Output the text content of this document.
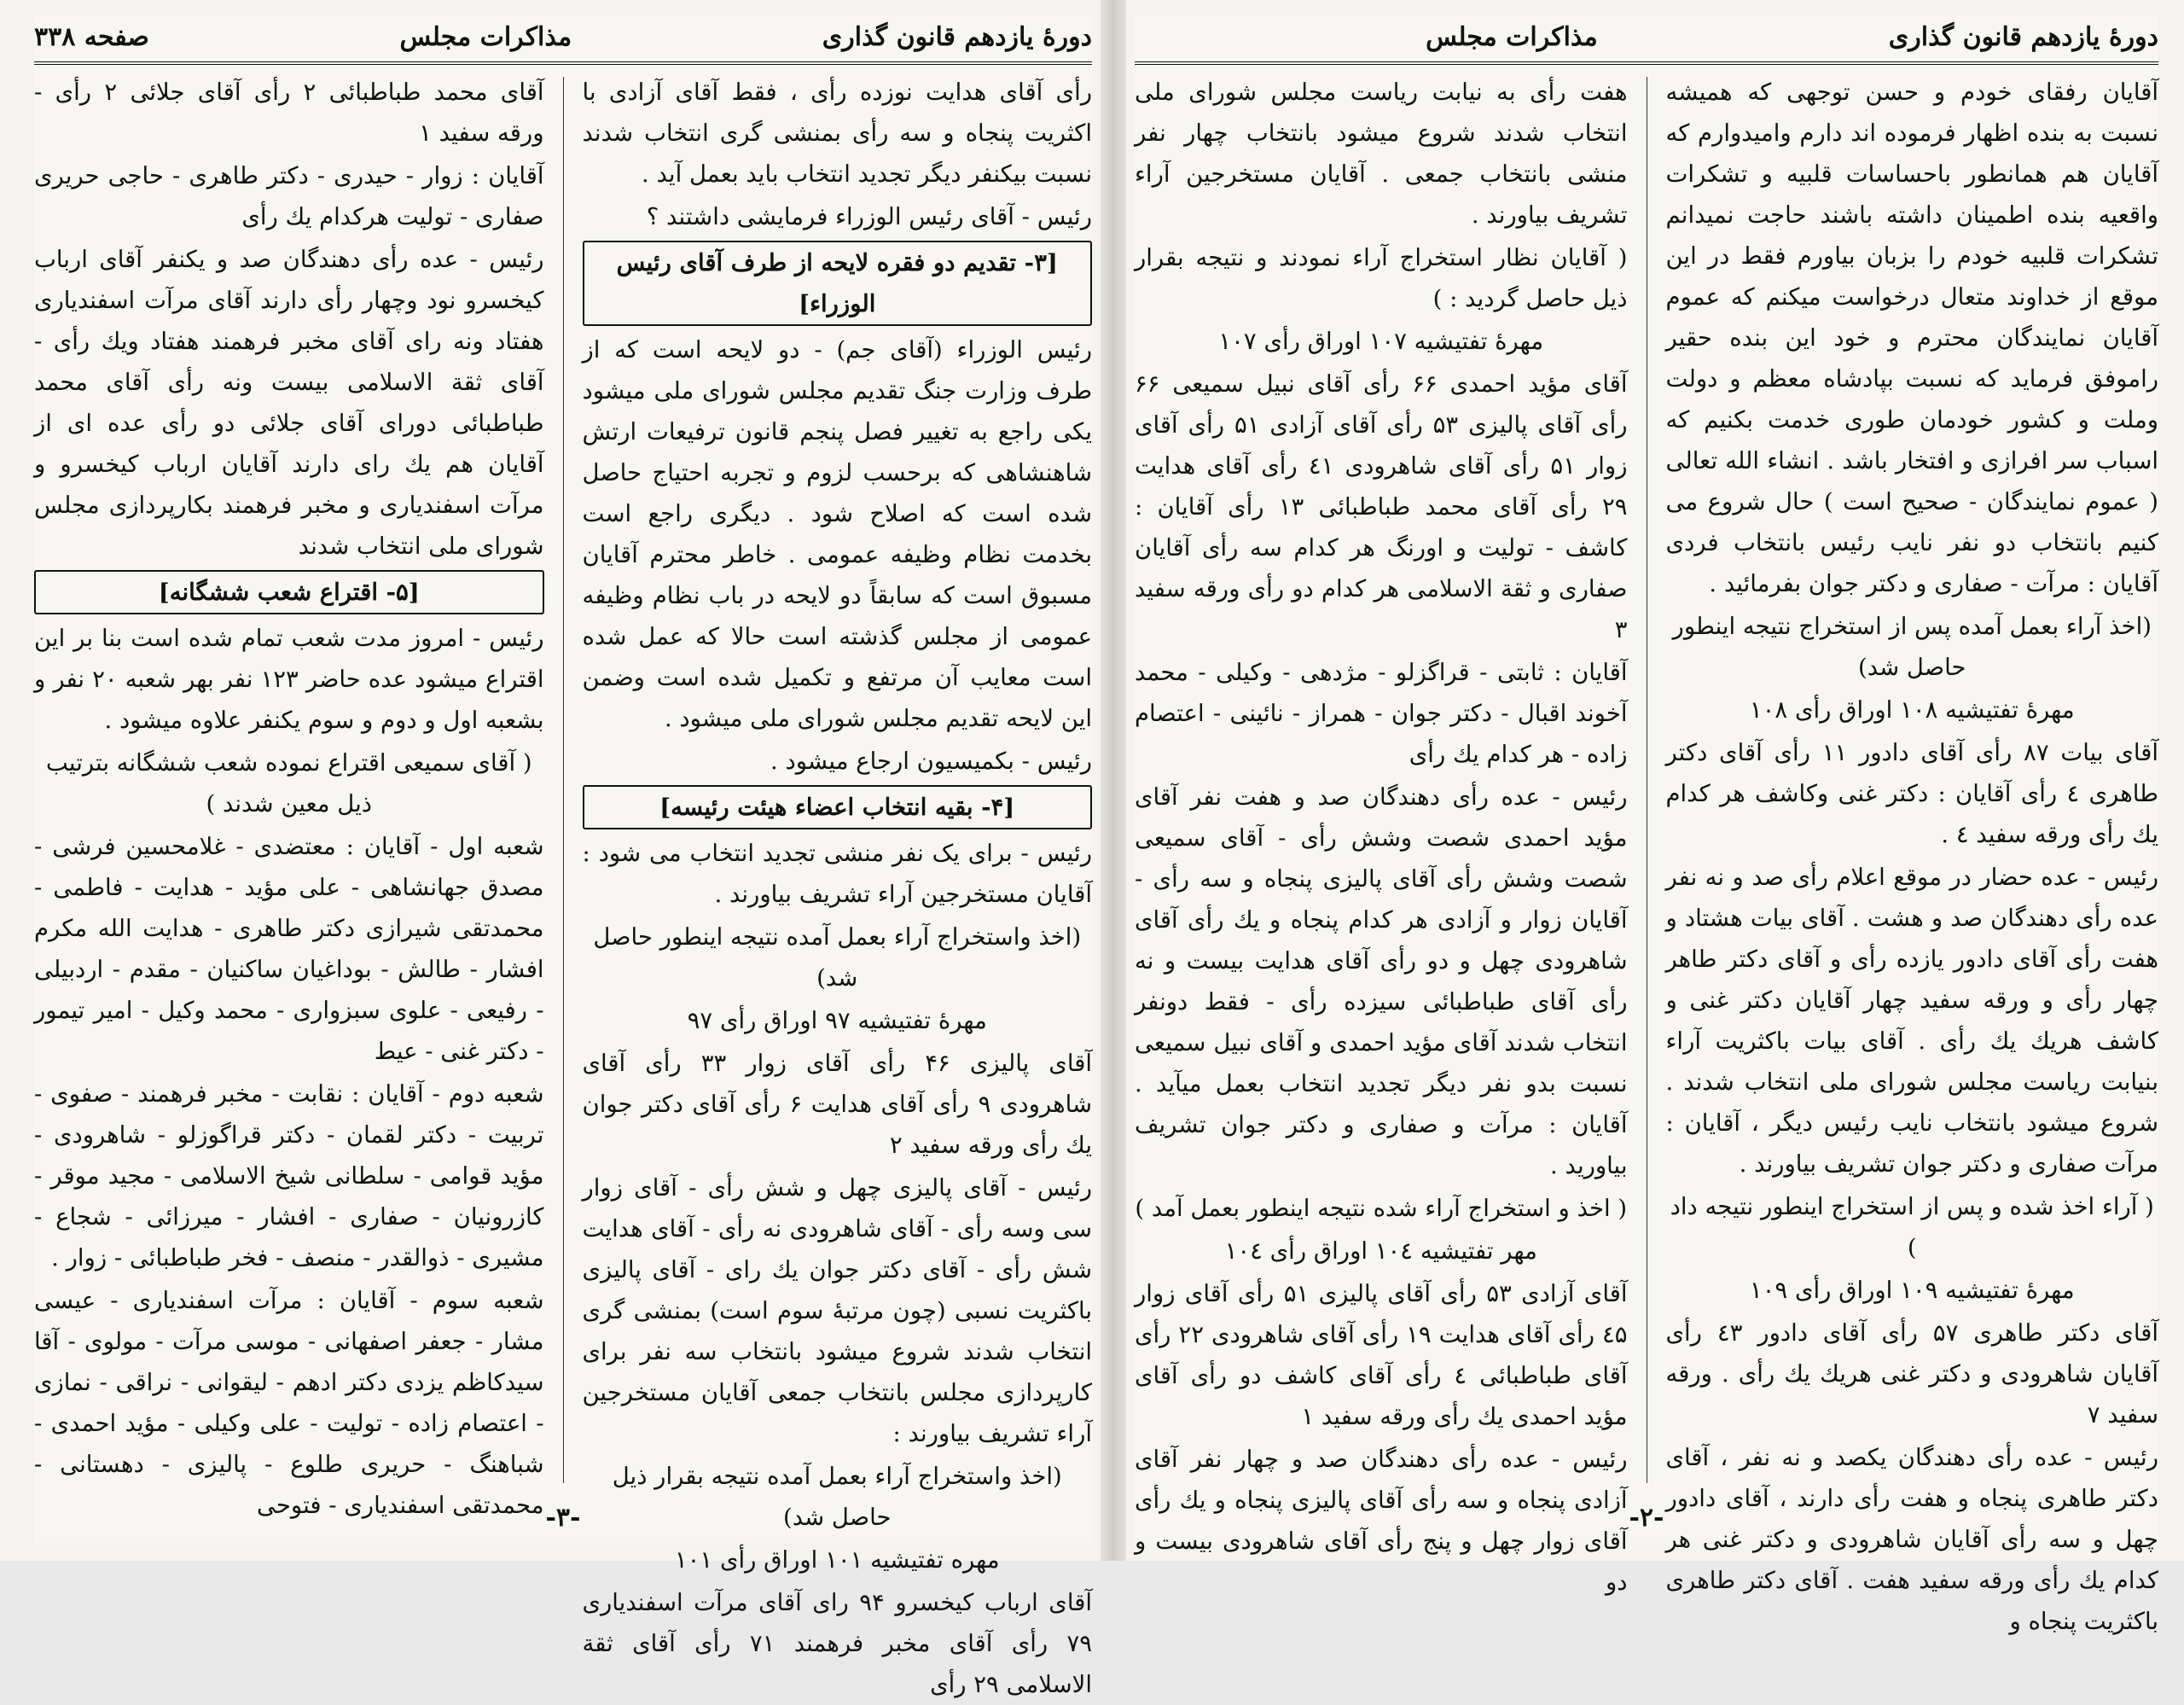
دورهٔ یازدهم قانون گذاری
مذاکرات مجلس
صفحه ۳۳۸

رأی آقای هدایت نوزده رأی ، فقط آقای آزادی با اکثریت پنجاه و سه رأی بمنشی گری انتخاب شدند نسبت بیکنفر دیگر تجدید انتخاب باید بعمل آید .

رئیس - آقای رئیس الوزراء فرمایشی داشتند ؟

[۳- تقدیم دو فقره لایحه از طرف آقای رئیس الوزراء]

رئیس الوزراء (آقای جم) - دو لایحه است که از طرف وزارت جنگ تقدیم مجلس شورای ملی میشود یکی راجع به تغییر فصل پنجم قانون ترفیعات ارتش شاهنشاهی که برحسب لزوم و تجربه احتیاج حاصل شده است که اصلاح شود . دیگری راجع است بخدمت نظام وظیفه عمومی . خاطر محترم آقایان مسبوق است که سابقاً دو لایحه در باب نظام وظیفه عمومی از مجلس گذشته است حالا که عمل شده است معایب آن مرتفع و تکمیل شده است وضمن این لایحه تقدیم مجلس شورای ملی میشود .

رئیس - بکمیسیون ارجاع میشود .

[۴- بقیه انتخاب اعضاء هیئت رئیسه]

رئیس - برای یک نفر منشی تجدید انتخاب می شود : آقایان مستخرجین آراء تشریف بیاورند .

(اخذ واستخراج آراء بعمل آمده نتیجه اینطور حاصل شد)

مهرهٔ تفتیشیه ۹۷ اوراق رأی ۹۷

آقای پالیزی ۴۶ رأی آقای زوار ۳۳ رأی آقای شاهرودی ۹ رأی آقای هدایت ۶ رأی آقای دکتر جوان یك رأی ورقه سفید ۲

رئیس - آقای پالیزی چهل و شش رأی - آقای زوار سی وسه رأی - آقای شاهرودی نه رأی - آقای هدایت شش رأی - آقای دکتر جوان یك رای - آقای پالیزی باکثریت نسبی (چون مرتبهٔ سوم است) بمنشی گری انتخاب شدند شروع میشود بانتخاب سه نفر برای کارپردازی مجلس بانتخاب جمعی آقایان مستخرجین آراء تشریف بیاورند :

(اخذ واستخراج آراء بعمل آمده نتیجه بقرار ذیل حاصل شد)

مهره تفتیشیه ۱۰۱ اوراق رأی ۱۰۱

آقای ارباب کیخسرو ۹۴ رای آقای مرآت اسفندیاری ۷۹ رأی آقای مخبر فرهمند ۷۱ رأی آقای ثقة الاسلامی ۲۹ رأی

آقای محمد طباطبائی ۲ رأی آقای جلائی ۲ رأی - ورقه سفید ۱

آقایان : زوار - حیدری - دکتر طاهری - حاجی حریری صفاری - تولیت هرکدام یك رأی

رئیس - عده رأی دهندگان صد و یکنفر آقای ارباب کیخسرو نود وچهار رأی دارند آقای مرآت اسفندیاری هفتاد ونه رای آقای مخبر فرهمند هفتاد ویك رأی - آقای ثقة الاسلامی بیست ونه رأی آقای محمد طباطبائی دورای آقای جلائی دو رأی عده ای از آقایان هم یك رای دارند آقایان ارباب کیخسرو و مرآت اسفندیاری و مخبر فرهمند بکارپردازی مجلس شورای ملی انتخاب شدند

[۵- اقتراع شعب ششگانه]

رئیس - امروز مدت شعب تمام شده است بنا بر این اقتراع میشود عده حاضر ۱۲۳ نفر بهر شعبه ۲۰ نفر و بشعبه اول و دوم و سوم یکنفر علاوه میشود .

( آقای سمیعی اقتراع نموده شعب ششگانه بترتیب ذیل معین شدند )

شعبه اول - آقایان : معتضدی - غلامحسین فرشی - مصدق جهانشاهی - علی مؤید - هدایت - فاطمی - محمدتقی شیرازی دکتر طاهری - هدایت الله مکرم افشار - طالش - بوداغیان ساکنیان - مقدم - اردبیلی - رفیعی - علوی سبزواری - محمد وکیل - امیر تیمور - دکتر غنی - عیط

شعبه دوم - آقایان : نقابت - مخبر فرهمند - صفوی - تربیت - دکتر لقمان - دکتر قراگوزلو - شاهرودی - مؤید قوامی - سلطانی شیخ الاسلامی - مجید موقر - کازرونیان - صفاری - افشار - میرزائی - شجاع - مشیری - ذوالقدر - منصف - فخر طباطبائی - زوار .

شعبه سوم - آقایان : مرآت اسفندیاری - عیسی مشار - جعفر اصفهانی - موسی مرآت - مولوی - آقا سیدکاظم یزدی دکتر ادهم - لیقوانی - نراقی - نمازی - اعتصام زاده - تولیت - علی وکیلی - مؤید احمدی - شباهنگ - حریری طلوع - پالیزی - دهستانی - محمدتقی اسفندیاری - فتوحی -۳-
دورهٔ یازدهم قانون گذاری
مذاکرات مجلس

آقایان رفقای خودم و حسن توجهی که همیشه نسبت به بنده اظهار فرموده اند دارم وامیدوارم که آقایان هم همانطور باحساسات قلبیه و تشکرات واقعیه بنده اطمینان داشته باشند حاجت نمیدانم تشکرات قلبیه خودم را بزبان بیاورم فقط در این موقع از خداوند متعال درخواست میکنم که عموم آقایان نمایندگان محترم و خود این بنده حقیر راموفق فرماید که نسبت بپادشاه معظم و دولت وملت و کشور خودمان طوری خدمت بکنیم که اسباب سر افرازی و افتخار باشد . انشاء الله تعالی ( عموم نمایندگان - صحیح است ) حال شروع می کنیم بانتخاب دو نفر نایب رئیس بانتخاب فردی آقایان : مرآت - صفاری و دکتر جوان بفرمائید .

(اخذ آراء بعمل آمده پس از استخراج نتیجه اینطور حاصل شد)

مهرهٔ تفتیشیه ۱۰۸ اوراق رأی ۱۰۸

آقای بیات ۸۷ رأی آقای دادور ۱۱ رأی آقای دکتر طاهری ٤ رأی آقایان : دکتر غنی وکاشف هر کدام یك رأی ورقه سفید ٤ .

رئیس - عده حضار در موقع اعلام رأی صد و نه نفر عده رأی دهندگان صد و هشت . آقای بیات هشتاد و هفت رأی آقای دادور یازده رأی و آقای دکتر طاهر چهار رأی و ورقه سفید چهار آقایان دکتر غنی و کاشف هریك یك رأی . آقای بیات باکثریت آراء بنیابت ریاست مجلس شورای ملی انتخاب شدند . شروع میشود بانتخاب نایب رئیس دیگر ، آقایان : مرآت صفاری و دکتر جوان تشریف بیاورند .

( آراء اخذ شده و پس از استخراج اینطور نتیجه داد )

مهرهٔ تفتیشیه ۱۰۹ اوراق رأی ۱۰۹

آقای دکتر طاهری ۵۷ رأی آقای دادور ٤۳ رأی آقایان شاهرودی و دکتر غنی هریك یك رأی . ورقه سفید ۷

رئیس - عده رأی دهندگان یکصد و نه نفر ، آقای دکتر طاهری پنجاه و هفت رأی دارند ، آقای دادور چهل و سه رأی آقایان شاهرودی و دکتر غنی هر کدام یك رأی ورقه سفید هفت . آقای دکتر طاهری باکثریت پنجاه و

هفت رأی به نیابت ریاست مجلس شورای ملی انتخاب شدند شروع میشود بانتخاب چهار نفر منشی بانتخاب جمعی . آقایان مستخرجین آراء تشریف بیاورند .

( آقایان نظار استخراج آراء نمودند و نتیجه بقرار ذیل حاصل گردید : )

مهرهٔ تفتیشیه ۱۰۷ اوراق رأی ۱۰۷

آقای مؤید احمدی ۶۶ رأی آقای نبیل سمیعی ۶۶ رأی آقای پالیزی ۵۳ رأی آقای آزادی ۵۱ رأی آقای زوار ۵۱ رأی آقای شاهرودی ٤۱ رأی آقای هدایت ۲۹ رأی آقای محمد طباطبائی ۱۳ رأی آقایان : کاشف - تولیت و اورنگ هر کدام سه رأی آقایان صفاری و ثقة الاسلامی هر کدام دو رأی ورقه سفید ۳

آقایان : ثابتی - قراگزلو - مژدهی - وکیلی - محمد آخوند اقبال - دکتر جوان - همراز - نائینی - اعتصام زاده - هر کدام یك رأی

رئیس - عده رأی دهندگان صد و هفت نفر آقای مؤید احمدی شصت وشش رأی - آقای سمیعی شصت وشش رأی آقای پالیزی پنجاه و سه رأی - آقایان زوار و آزادی هر کدام پنجاه و یك رأی آقای شاهرودی چهل و دو رأی آقای هدایت بیست و نه رأی آقای طباطبائی سیزده رأی - فقط دونفر انتخاب شدند آقای مؤید احمدی و آقای نبیل سمیعی نسبت بدو نفر دیگر تجدید انتخاب بعمل میآید . آقایان : مرآت و صفاری و دکتر جوان تشریف بیاورید .

( اخذ و استخراج آراء شده نتیجه اینطور بعمل آمد )

مهر تفتیشیه ۱۰٤ اوراق رأی ۱۰٤

آقای آزادی ۵۳ رأی آقای پالیزی ۵۱ رأی آقای زوار ٤۵ رأی آقای هدایت ۱۹ رأی آقای شاهرودی ۲۲ رأی آقای طباطبائی ٤ رأی آقای کاشف دو رأی آقای مؤید احمدی یك رأی ورقه سفید ۱

رئیس - عده رأی دهندگان صد و چهار نفر آقای آزادی پنجاه و سه رأی آقای پالیزی پنجاه و یك رأی آقای زوار چهل و پنج رأی آقای شاهرودی بیست و دو

-۲-
